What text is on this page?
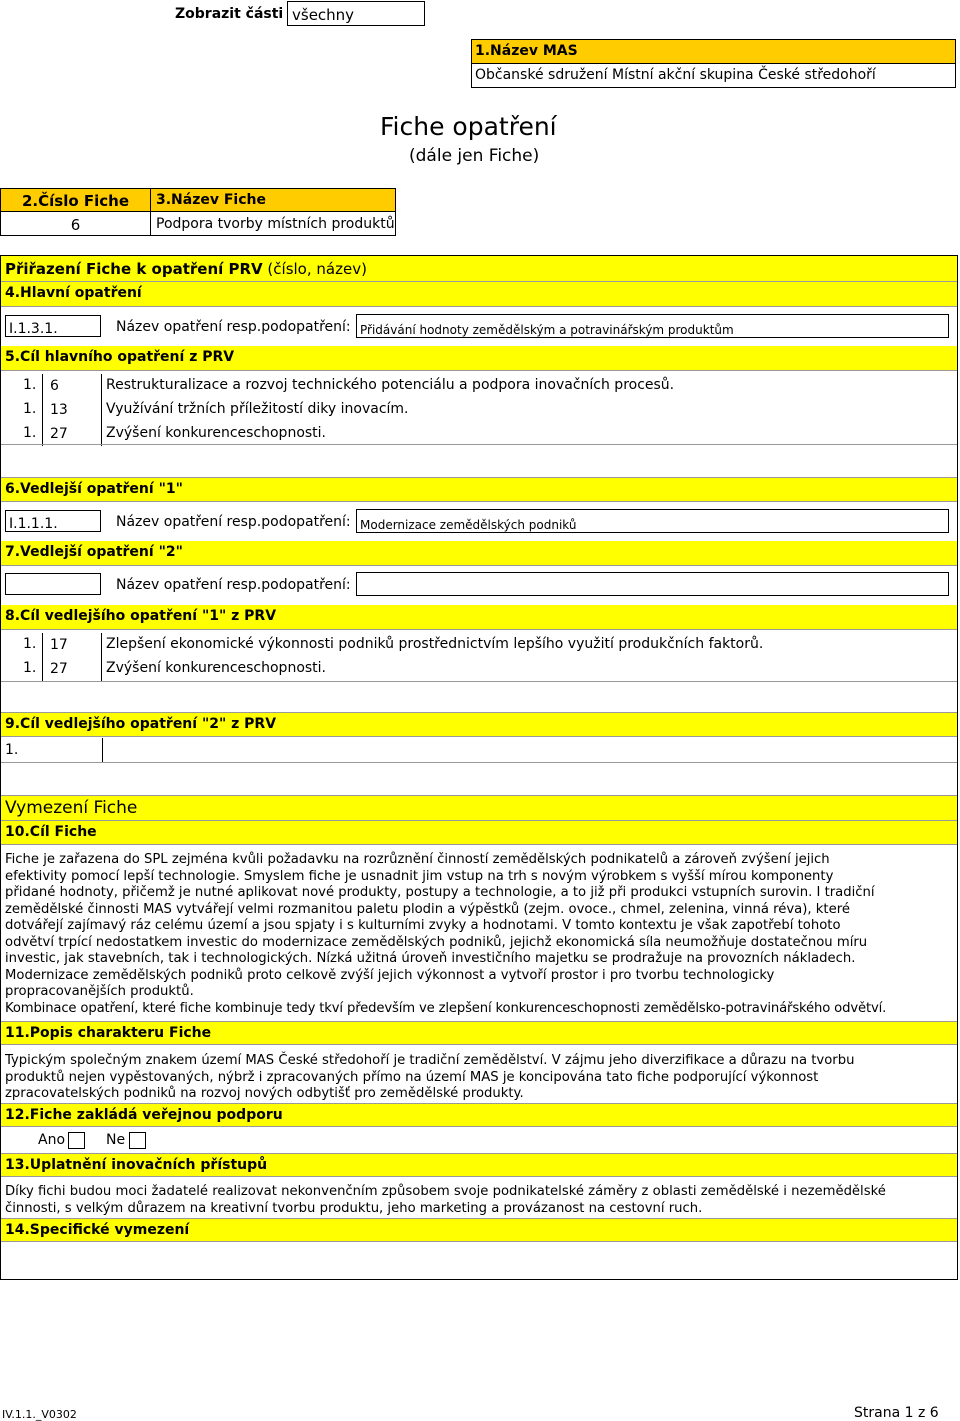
Zobrazit části všechny
1.Název MAS
Občanské sdružení Místní akční skupina České středohoří
Fiche opatření
(dále jen Fiche)
2.Číslo Fiche	3.Název Fiche
6	Podpora tvorby místních produktů
Přiřazení Fiche k opatření PRV (číslo, název)
4.Hlavní opatření
I.1.3.1.	Název opatření resp.podopatření: Přidávání hodnoty zemědělským a potravinářským produktům
5.Cíl hlavního opatření z PRV
1. 6	Restrukturalizace a rozvoj technického potenciálu a podpora inovačních procesů.
1. 13	Využívání tržních příležitostí diky inovacím.
1. 27	Zvýšení konkurenceschopnosti.
6.Vedlejší opatření "1"
I.1.1.1.	Název opatření resp.podopatření: Modernizace zemědělských podniků
7.Vedlejší opatření "2"
Název opatření resp.podopatření:
8.Cíl vedlejšího opatření "1" z PRV
1. 17	Zlepšení ekonomické výkonnosti podniků prostřednictvím lepšího využití produkčních faktorů.
1. 27	Zvýšení konkurenceschopnosti.
9.Cíl vedlejšího opatření "2" z PRV
1.
Vymezení Fiche
10.Cíl Fiche
Fiche je zařazena do SPL zejména kvůli požadavku na rozrůznění činností zemědělských podnikatelů a zároveň zvýšení jejich
efektivity pomocí lepší technologie. Smyslem fiche je usnadnit jim vstup na trh s novým výrobkem s vyšší mírou komponenty
přidané hodnoty, přičemž je nutné aplikovat nové produkty, postupy a technologie, a to již při produkci vstupních surovin. I tradiční
zemědělské činnosti MAS vytvářejí velmi rozmanitou paletu plodin a výpěstků (zejm. ovoce., chmel, zelenina, vinná réva), které
dotvářejí zajímavý ráz celému území a jsou spjaty i s kulturními zvyky a hodnotami. V tomto kontextu je však zapotřebí tohoto
odvětví trpící nedostatkem investic do modernizace zemědělských podniků, jejichž ekonomická síla neumožňuje dostatečnou míru
investic, jak stavebních, tak i technologických. Nízká užitná úroveň investičního majetku se prodražuje na provozních nákladech.
Modernizace zemědělských podniků proto celkově zvýší jejich výkonnost a vytvoří prostor i pro tvorbu technologicky
propracovanějších produktů.
Kombinace opatření, které fiche kombinuje tedy tkví především ve zlepšení konkurenceschopnosti zemědělsko-potravinářského odvětví.
11.Popis charakteru Fiche
Typickým společným znakem území MAS České středohoří je tradiční zemědělství. V zájmu jeho diverzifikace a důrazu na tvorbu
produktů nejen vypěstovaných, nýbrž i zpracovaných přímo na území MAS je koncipována tato fiche podporující výkonnost
zpracovatelských podniků na rozvoj nových odbytišť pro zemědělské produkty.
12.Fiche zakládá veřejnou podporu
Ano	Ne
13.Uplatnění inovačních přístupů
Díky fichi budou moci žadatelé realizovat nekonvenčním způsobem svoje podnikatelské záměry z oblasti zemědělské i nezemědělské
činnosti, s velkým důrazem na kreativní tvorbu produktu, jeho marketing a provázanost na cestovní ruch.
14.Specifické vymezení
IV.1.1._V0302	Strana 1 z 6
